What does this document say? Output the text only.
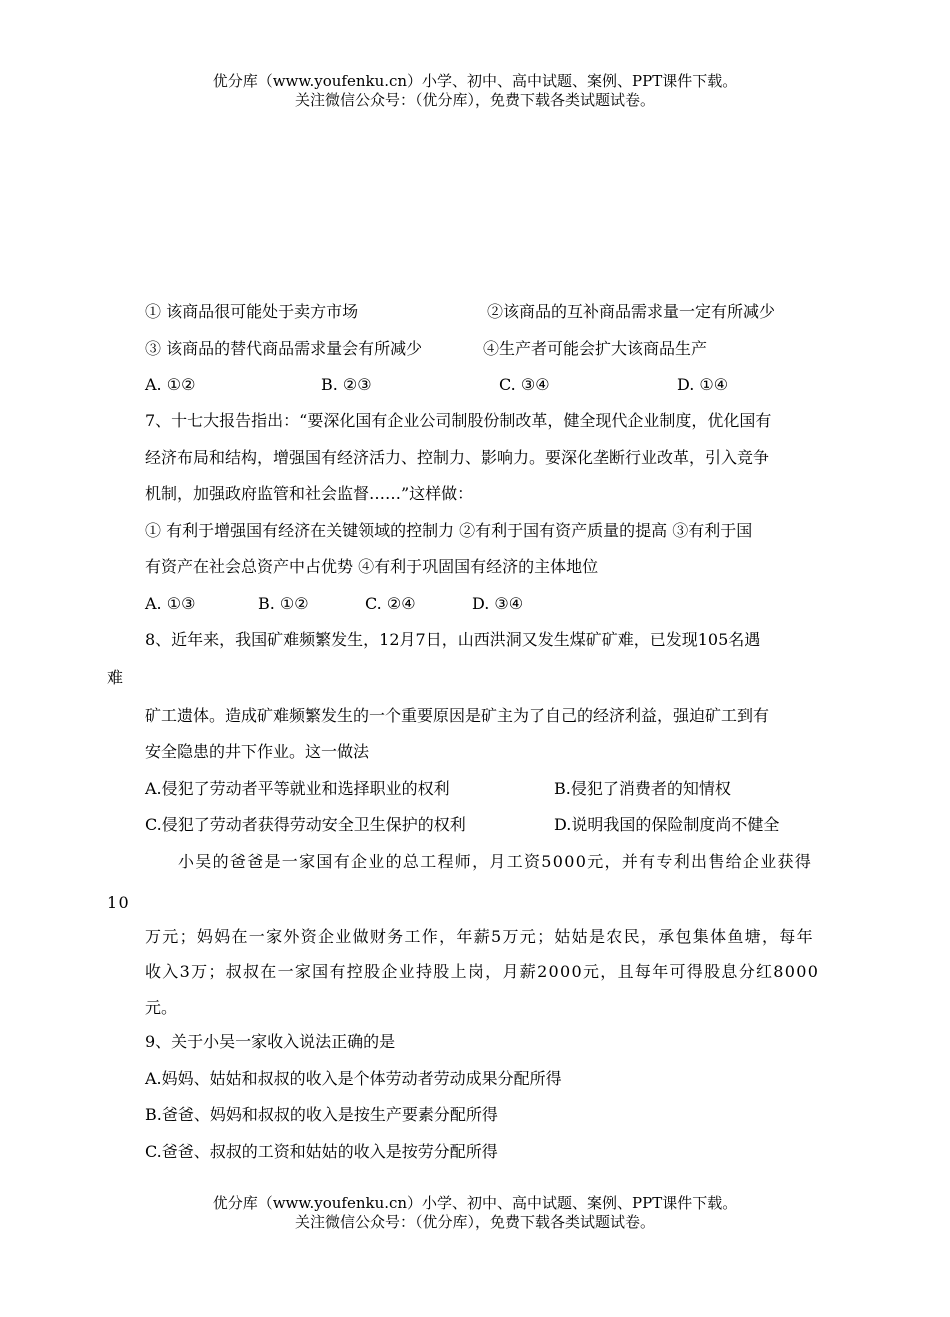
优分库（www.youfenku.cn）小学、初中、高中试题、案例、PPT课件下载。
关注微信公众号：（优分库），免费下载各类试题试卷。
① 该商品很可能处于卖方市场	②该商品的互补商品需求量一定有所减少
③ 该商品的替代商品需求量会有所减少	④生产者可能会扩大该商品生产
A. ①②	B. ②③	C. ③④	D. ①④
7、十七大报告指出：“要深化国有企业公司制股份制改革，健全现代企业制度，优化国有
经济布局和结构，增强国有经济活力、控制力、影响力。要深化垄断行业改革，引入竞争
机制，加强政府监管和社会监督……”这样做：
① 有利于增强国有经济在关键领域的控制力 ②有利于国有资产质量的提高 ③有利于国
有资产在社会总资产中占优势 ④有利于巩固国有经济的主体地位
A. ①③	B. ①②	C. ②④	D. ③④
8、近年来，我国矿难频繁发生，12月7日，山西洪洞又发生煤矿矿难，已发现105名遇
难
矿工遗体。造成矿难频繁发生的一个重要原因是矿主为了自己的经济利益，强迫矿工到有
安全隐患的井下作业。这一做法
A.侵犯了劳动者平等就业和选择职业的权利	B.侵犯了消费者的知情权
C.侵犯了劳动者获得劳动安全卫生保护的权利	D.说明我国的保险制度尚不健全
小吴的爸爸是一家国有企业的总工程师，月工资5000元，并有专利出售给企业获得
10
万元；妈妈在一家外资企业做财务工作，年薪5万元；姑姑是农民，承包集体鱼塘，每年
收入3万；叔叔在一家国有控股企业持股上岗，月薪2000元，且每年可得股息分红8000
元。
9、关于小吴一家收入说法正确的是
A.妈妈、姑姑和叔叔的收入是个体劳动者劳动成果分配所得
B.爸爸、妈妈和叔叔的收入是按生产要素分配所得
C.爸爸、叔叔的工资和姑姑的收入是按劳分配所得
优分库（www.youfenku.cn）小学、初中、高中试题、案例、PPT课件下载。
关注微信公众号：（优分库），免费下载各类试题试卷。
